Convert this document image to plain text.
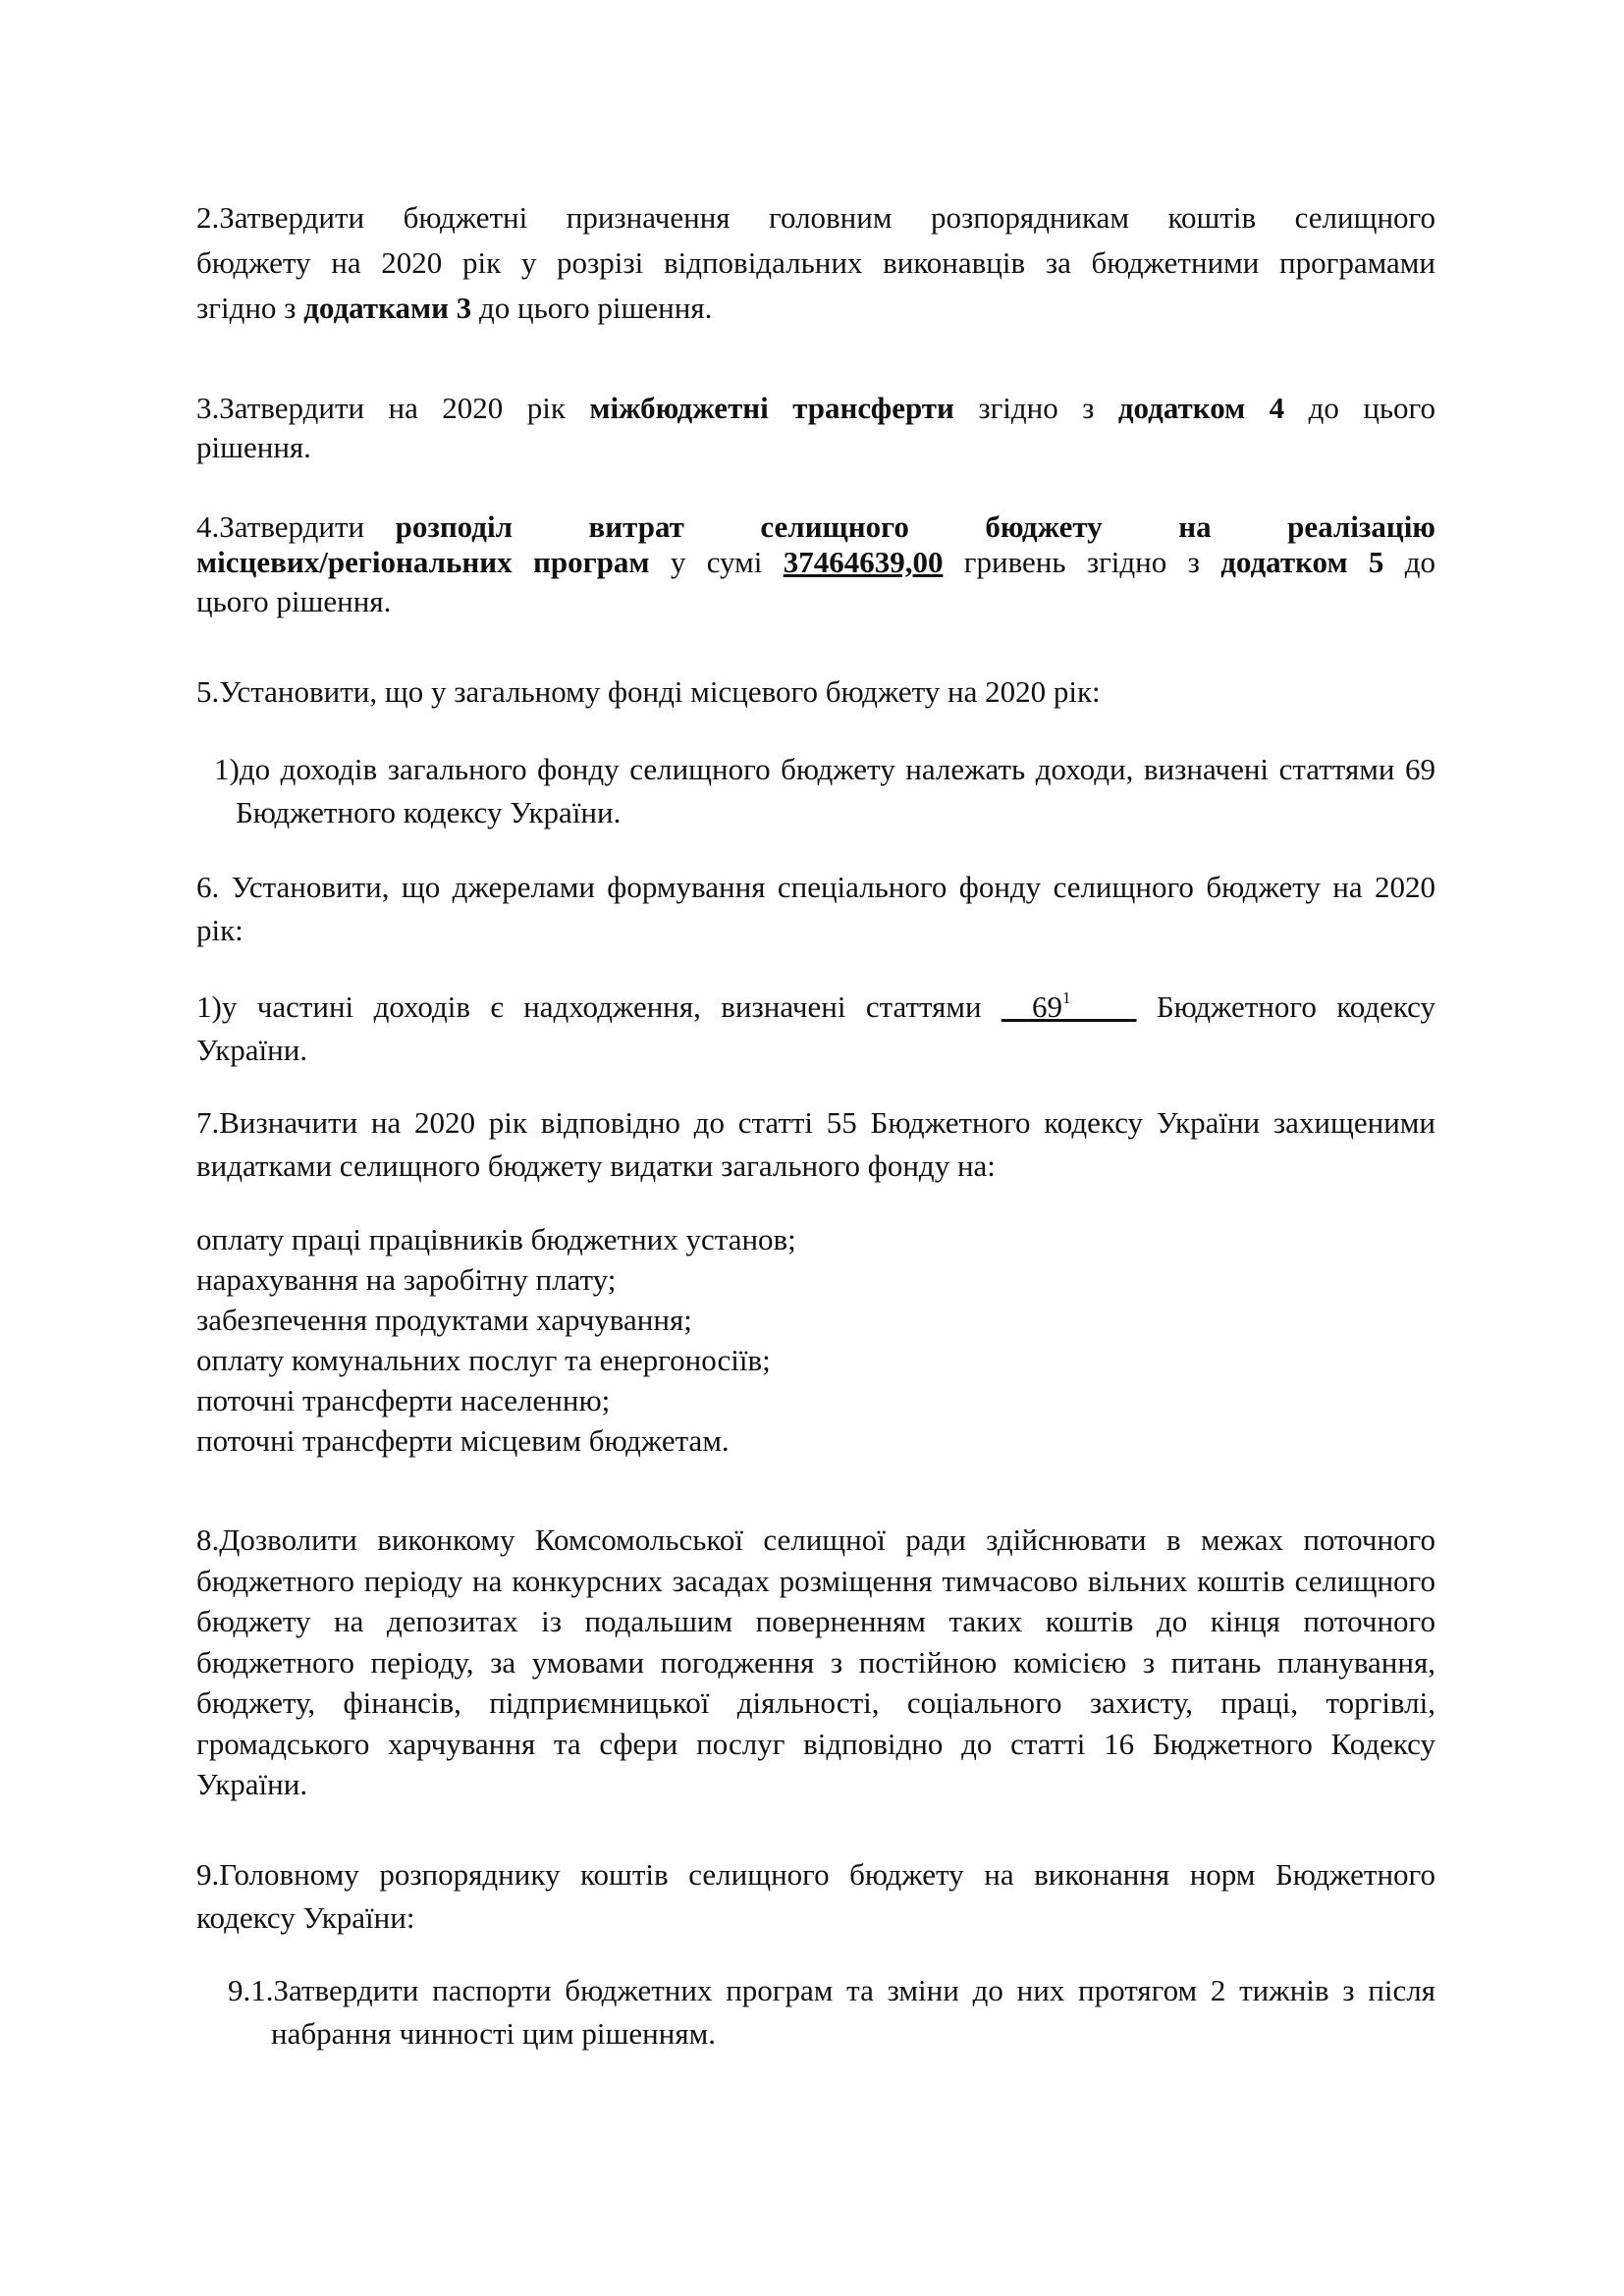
2.Затвердити бюджетні призначення головним розпорядникам коштів селищного
бюджету на 2020 рік у розрізі відповідальних виконавців за бюджетними програмами
згідно з додатками 3 до цього рішення.
3.Затвердити на 2020 рік міжбюджетні трансферти згідно з додатком 4 до цього
рішення.
4.Затвердити розподіл витрат селищного бюджету на реалізацію
місцевих/регіональних програм у сумі 37464639,00 гривень згідно з додатком 5 до
цього рішення.
5.Установити, що у загальному фонді місцевого бюджету на 2020 рік:
1)до доходів загального фонду селищного бюджету належать доходи, визначені статтями 69 Бюджетного кодексу України.
6. Установити, що джерелами формування спеціального фонду селищного бюджету на 2020 рік:
1)у частині доходів є надходження, визначені статтями $\_\_69^1\_$ __ Бюджетного кодексу
України.
7.Визначити на 2020 рік відповідно до статті 55 Бюджетного кодексу України захищеними видатками селищного бюджету видатки загального фонду на:
оплату праці працівників бюджетних установ;
нарахування на заробітну плату;
забезпечення продуктами харчування;
оплату комунальних послуг та енергоносіїв;
поточні трансферти населенню;
поточні трансферти місцевим бюджетам.
8.Дозволити виконкому Комсомольської селищної ради здійснювати в межах поточного бюджетного періоду на конкурсних засадах розміщення тимчасово вільних коштів селищного бюджету на депозитах із подальшим поверненням таких коштів до кінця поточного бюджетного періоду, за умовами погодження з постійною комісією з питань планування, бюджету, фінансів, підприємницької діяльності, соціального захисту, праці, торгівлі, громадського харчування та сфери послуг відповідно до статті 16 Бюджетного Кодексу України.
9.Головному розпоряднику коштів селищного бюджету на виконання норм Бюджетного кодексу України:
9.1.Затвердити паспорти бюджетних програм та зміни до них протягом 2 тижнів з після набрання чинності цим рішенням.
